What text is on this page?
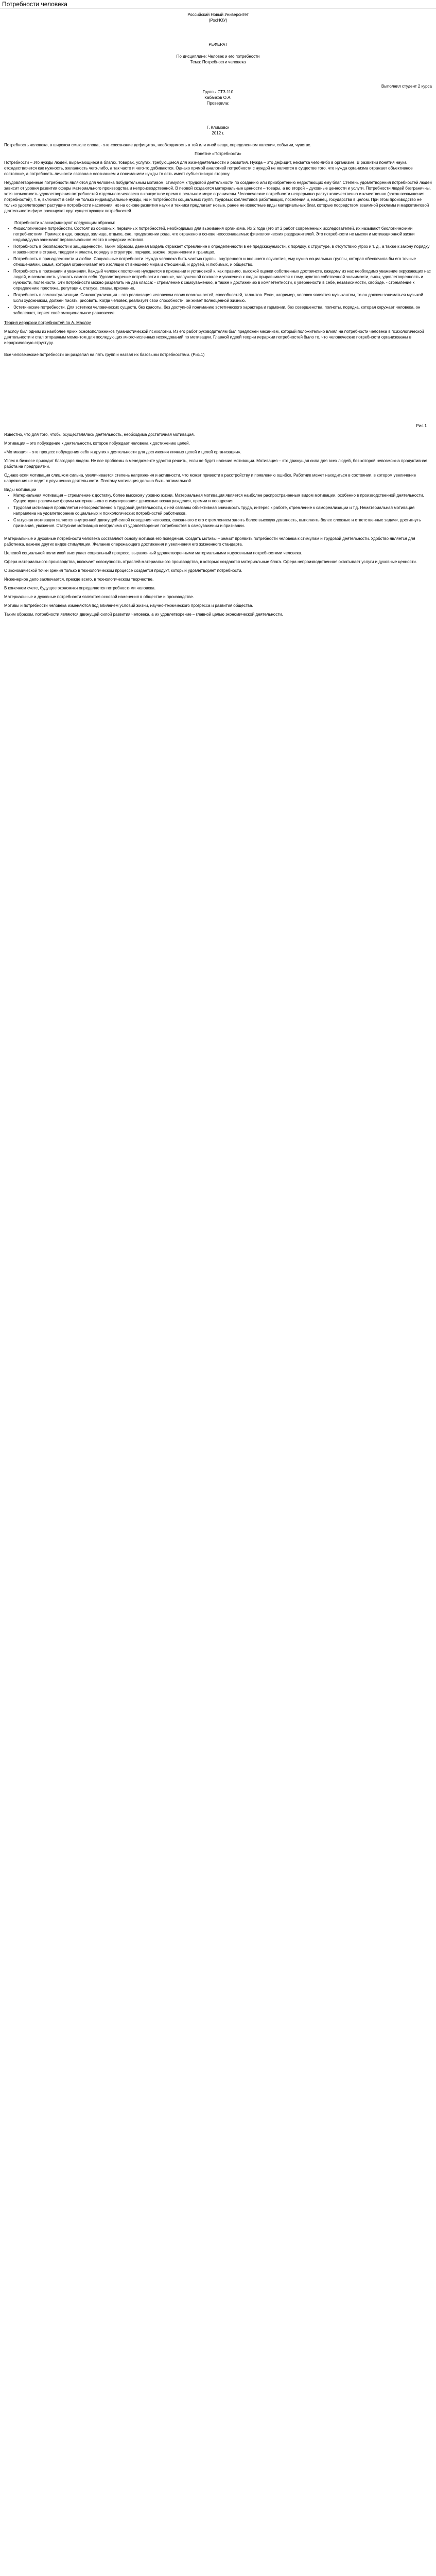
Потребности человека
Российский Новый Университет
(РосНОУ)
РЕФЕРАТ
По дисциплине: Человек и его потребности
Тема: Потребности человека
Выполнил студент 2 курса
Группы СТЗ-110
Кабачков О.А.
Проверила:
Г. Климовск
2012 г.

Потребность человека, в широком смысле слова, - это «осознание дефицита», необходимость в той или иной вещи, определенном явлении, событии, чувстве.

Понятие «Потребности»

Потребности – это нужды людей, выражающиеся в благах, товарах, услугах, требующиеся для жизнедеятельности и развития. Нужда – это дефицит, нехватка чего-либо в организме. В развитии понятия наука отождествляется как нужность, желанность чего-либо, а так часто и чего-то добиваются. Однако прямой аналогией потребности с нуждой не является в существе того, что нужда организма отражает объективное состояние, а потребность личности связана с осознанием и пониманием нужды то есть имеет субъективную сторону.

Неудовлетворенные потребности являются для человека побудительным мотивом, стимулом к трудовой деятельности по созданию или приобретению недостающих ему благ. Степень удовлетворения потребностей людей зависит от уровня развития сферы материального производства и непроизводственной. В первой создаются материальные ценности – товары, а во второй – духовные ценности и услуги. Потребности людей безграничны, хотя возможность удовлетворения потребностей отдельного человека в конкретное время в реальном мире ограничены. Человеческие потребности непрерывно растут количественно и качественно (закон возвышения потребностей), т. е, включают в себя не только индивидуальные нужды, но и потребности социальных групп, трудовых коллективов работающих, поселения и, наконец, государства в целом. При этом производство не только удовлетворяет растущие потребности населения, но на основе развития науки и техники предлагает новые, ранее не известные виды материальных благ, которые посредством взаимной рекламы и маркетинговой деятельности фирм расширяют круг существующих потребностей.

Потребности классифицируют следующим образом:
• Физиологические потребности. Состоят из основных, первичных потребностей, необходимых для выживания организма. Их 2 года (это от 2 работ современных исследователей, их называют биологическими потребностями. Пример: в еде, одежде, жилище, отдыхе, сне, продолжении рода, что отражено в основе неосознаваемых физиологических раздражителей. Это потребности не мысли и мотивационной жизни индивидуума занимают первоначальное место в иерархии мотивов.
• Потребность в безопасности и защищенности. Таким образом, данная модель отражает стремление к определённости в ее предсказуемости, к порядку, к структуре, в отсутствию угроз и т. д., а также к закону порядку и законности в стране, твердом и власти, порядку в структуре, порядке, законе, ограничении и границах.
• Потребность в принадлежности и любви. Социальные потребности. Нужда человека быть частью группы, внутреннего и внешнего соучастия, ему нужна социальных группы, которая обеспечила бы его точные отношениями, семья, которая ограничивает его изоляции от внешнего мира и отношений, и друзей, и любимых, и общество.
• Потребность в признании и уважении. Каждый человек постоянно нуждается в признании и установкой к, как правило, высокой оценки собственных достоинств, каждому из нас необходимо уважение окружающих нас людей, и возможность уважать самого себя. Удовлетворение потребности в оценке, заслуженной похвале и уважению к людях приравнивается к тому, чувство собственной значимости, силы, удовлетворенность и нужности, полезности. Эти потребности можно разделить на два класса: - стремление к самоуважению, а также к достижению в компетентности, к уверенности в себе, независимости, свободе. - стремление к определению престижа, репутации, статуса, славы, признание.
• Потребность в самоактуализации. Самоактуализация – это реализация человеком своих возможностей, способностей, талантов. Если, например, человек является музыкантом, то он должен заниматься музыкой. Если художником, должен писать, рисовать. Когда человек, реализует свои способности, он живет полноценной жизнью.
• Эстетические потребности. Для эстетики человеческих существ, без красоты, без доступной пониманию эстетического характера и гармонии, без совершенства, полноты, порядка, которая окружает человека, он заболевает, теряет своё эмоциональное равновесие.
Теория иерархии потребностей по А. Маслоу

Маслоу был одним из наиболее ярких основоположников гуманистической психологии. Из его работ руководителям был предложен механизм, который положительно влиял на потребности человека в психологической деятельности и стал отправным моментом для последующих многочисленных исследований по мотивации. Главной идеей теории иерархии потребностей было то, что человеческие потребности организованы в иерархическую структуру.

Все человеческие потребности он разделил на пять групп и назвал их базовыми потребностями. (Рис.1)

Рис.1

Известно, что для того, чтобы осуществлялась деятельность, необходима достаточная мотивация.

Мотивация – это побуждение к деятельности, которое побуждает человека к достижению целей.

«Мотивация – это процесс побуждения себя и других к деятельности для достижения личных целей и целей организации».

Успех в бизнесе приходит благодаря людям. Не все проблемы в менеджменте удастся решить, если не будет наличие мотивации. Мотивация – это движущая сила для всех людей, без которой невозможна продуктивная работа на предприятии.

Однако если мотивация слишком сильна, увеличивается степень напряжения и активности, что может привести к расстройству и появлению ошибок. Работник может находиться в состоянии, в котором увеличение напряжения не ведет к улучшению деятельности. Поэтому мотивация должна быть оптимальной.

Виды мотивации
• Материальная мотивация – стремление к достатку, более высокому уровню жизни. Материальная мотивация является наиболее распространенным видом мотивации, особенно в производственной деятельности. Существуют различные формы материального стимулирования: денежные вознаграждения, премии и поощрения.
• Трудовая мотивация проявляется непосредственно в трудовой деятельности, с ней связаны объективная значимость труда, интерес к работе, стремление к самореализации и т.д. Нематериальная мотивация направлена на удовлетворение социальных и психологических потребностей работников.
• Статусная мотивация является внутренней движущей силой поведения человека, связанного с его стремлением занять более высокую должность, выполнять более сложные и ответственные задачи, достигнуть признания, уважения. Статусная мотивация неотделима от удовлетворения потребностей в самоуважении и признании.

Материальные и духовные потребности человека составляют основу мотивов его поведения. Создать мотивы – значит проявить потребности человека к стимулам и трудовой деятельности. Удобство является для работника, важнее других видов стимуляции. Желание опережающего достижения и увеличения его жизненного стандарта.

Целевой социальной политикой выступает социальный прогресс, выраженный удовлетворенными материальными и духовными потребностями человека.

Сфера материального производства, включает совокупность отраслей материального производства, в которых создаются материальные блага. Сфера непроизводственная охватывает услуги и духовные ценности.

С экономической точки зрения только в технологическом процессе создается продукт, который удовлетворяет потребности.

Инженерное дело заключается, прежде всего, в технологическом творчестве.

В конечном счете, будущее экономики определяется потребностями человека.

Материальные и духовные потребности являются основой изменения в обществе и производстве.

Мотивы и потребности человека изменяются под влиянием условий жизни, научно-технического прогресса и развития общества.

Таким образом, потребности являются движущей силой развития человека, а их удовлетворение – главной целью экономической деятельности.
